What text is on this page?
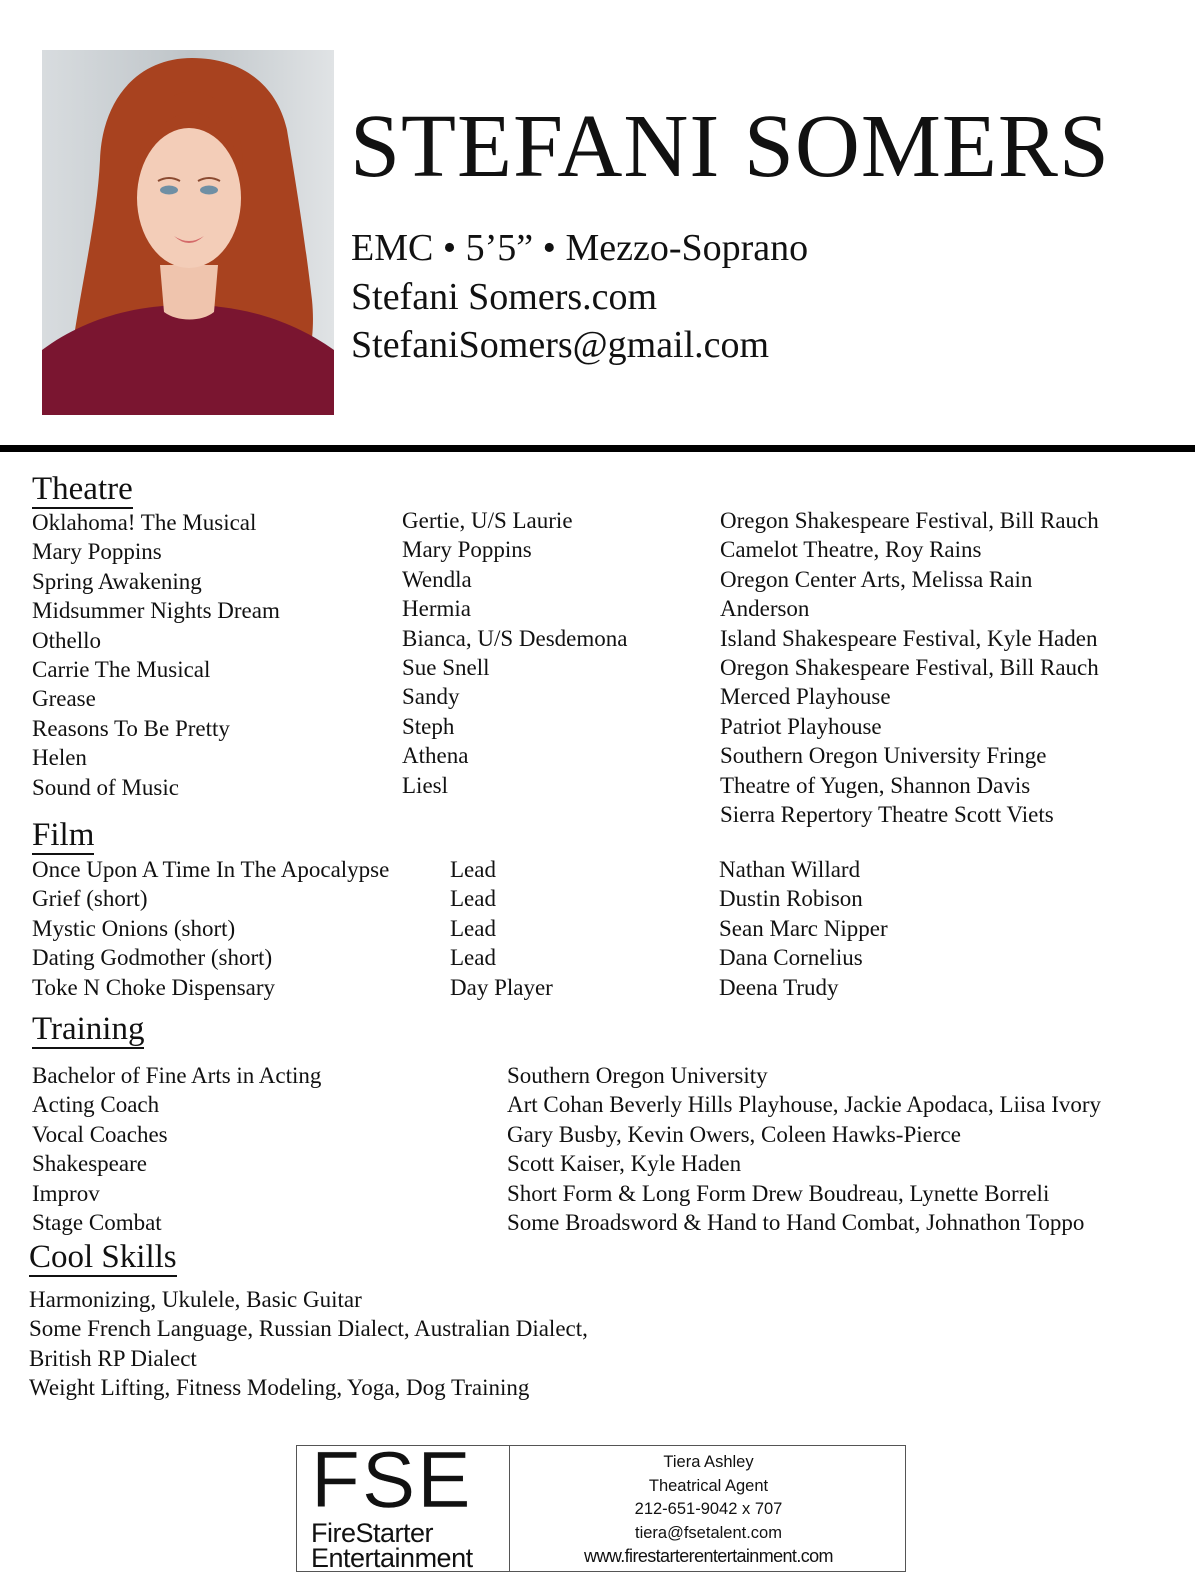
STEFANI SOMERS
EMC • 5’5” • Mezzo-Soprano
Stefani Somers.com
StefaniSomers@gmail.com
Theatre
Oklahoma! The Musical
Mary Poppins
Spring Awakening
Midsummer Nights Dream
Othello
Carrie The Musical
Grease
Reasons To Be Pretty
Helen
Sound of Music
Gertie, U/S Laurie
Mary Poppins
Wendla
Hermia
Bianca, U/S Desdemona
Sue Snell
Sandy
Steph
Athena
Liesl
Oregon Shakespeare Festival, Bill Rauch
Camelot Theatre, Roy Rains
Oregon Center Arts, Melissa Rain
Anderson
Island Shakespeare Festival, Kyle Haden
Oregon Shakespeare Festival, Bill Rauch
Merced Playhouse
Patriot Playhouse
Southern Oregon University Fringe
Theatre of Yugen, Shannon Davis
Sierra Repertory Theatre Scott Viets
Film
Once Upon A Time In The Apocalypse
Grief (short)
Mystic Onions (short)
Dating Godmother (short)
Toke N Choke Dispensary
Lead
Lead
Lead
Lead
Day Player
Nathan Willard
Dustin Robison
Sean Marc Nipper
Dana Cornelius
Deena Trudy
Training
Bachelor of Fine Arts in Acting
Acting Coach
Vocal Coaches
Shakespeare
Improv
Stage Combat
Southern Oregon University
Art Cohan Beverly Hills Playhouse, Jackie Apodaca, Liisa Ivory
Gary Busby, Kevin Owers, Coleen Hawks-Pierce
Scott Kaiser, Kyle Haden
Short Form & Long Form Drew Boudreau, Lynette Borreli
Some Broadsword & Hand to Hand Combat, Johnathon Toppo
Cool Skills
Harmonizing, Ukulele, Basic Guitar
Some French Language, Russian Dialect, Australian Dialect,
British RP Dialect
Weight Lifting, Fitness Modeling, Yoga, Dog Training
FSE
FireStarter
Entertainment
Tiera Ashley
Theatrical Agent
212-651-9042 x 707
tiera@fsetalent.com
www.firestarterentertainment.com
